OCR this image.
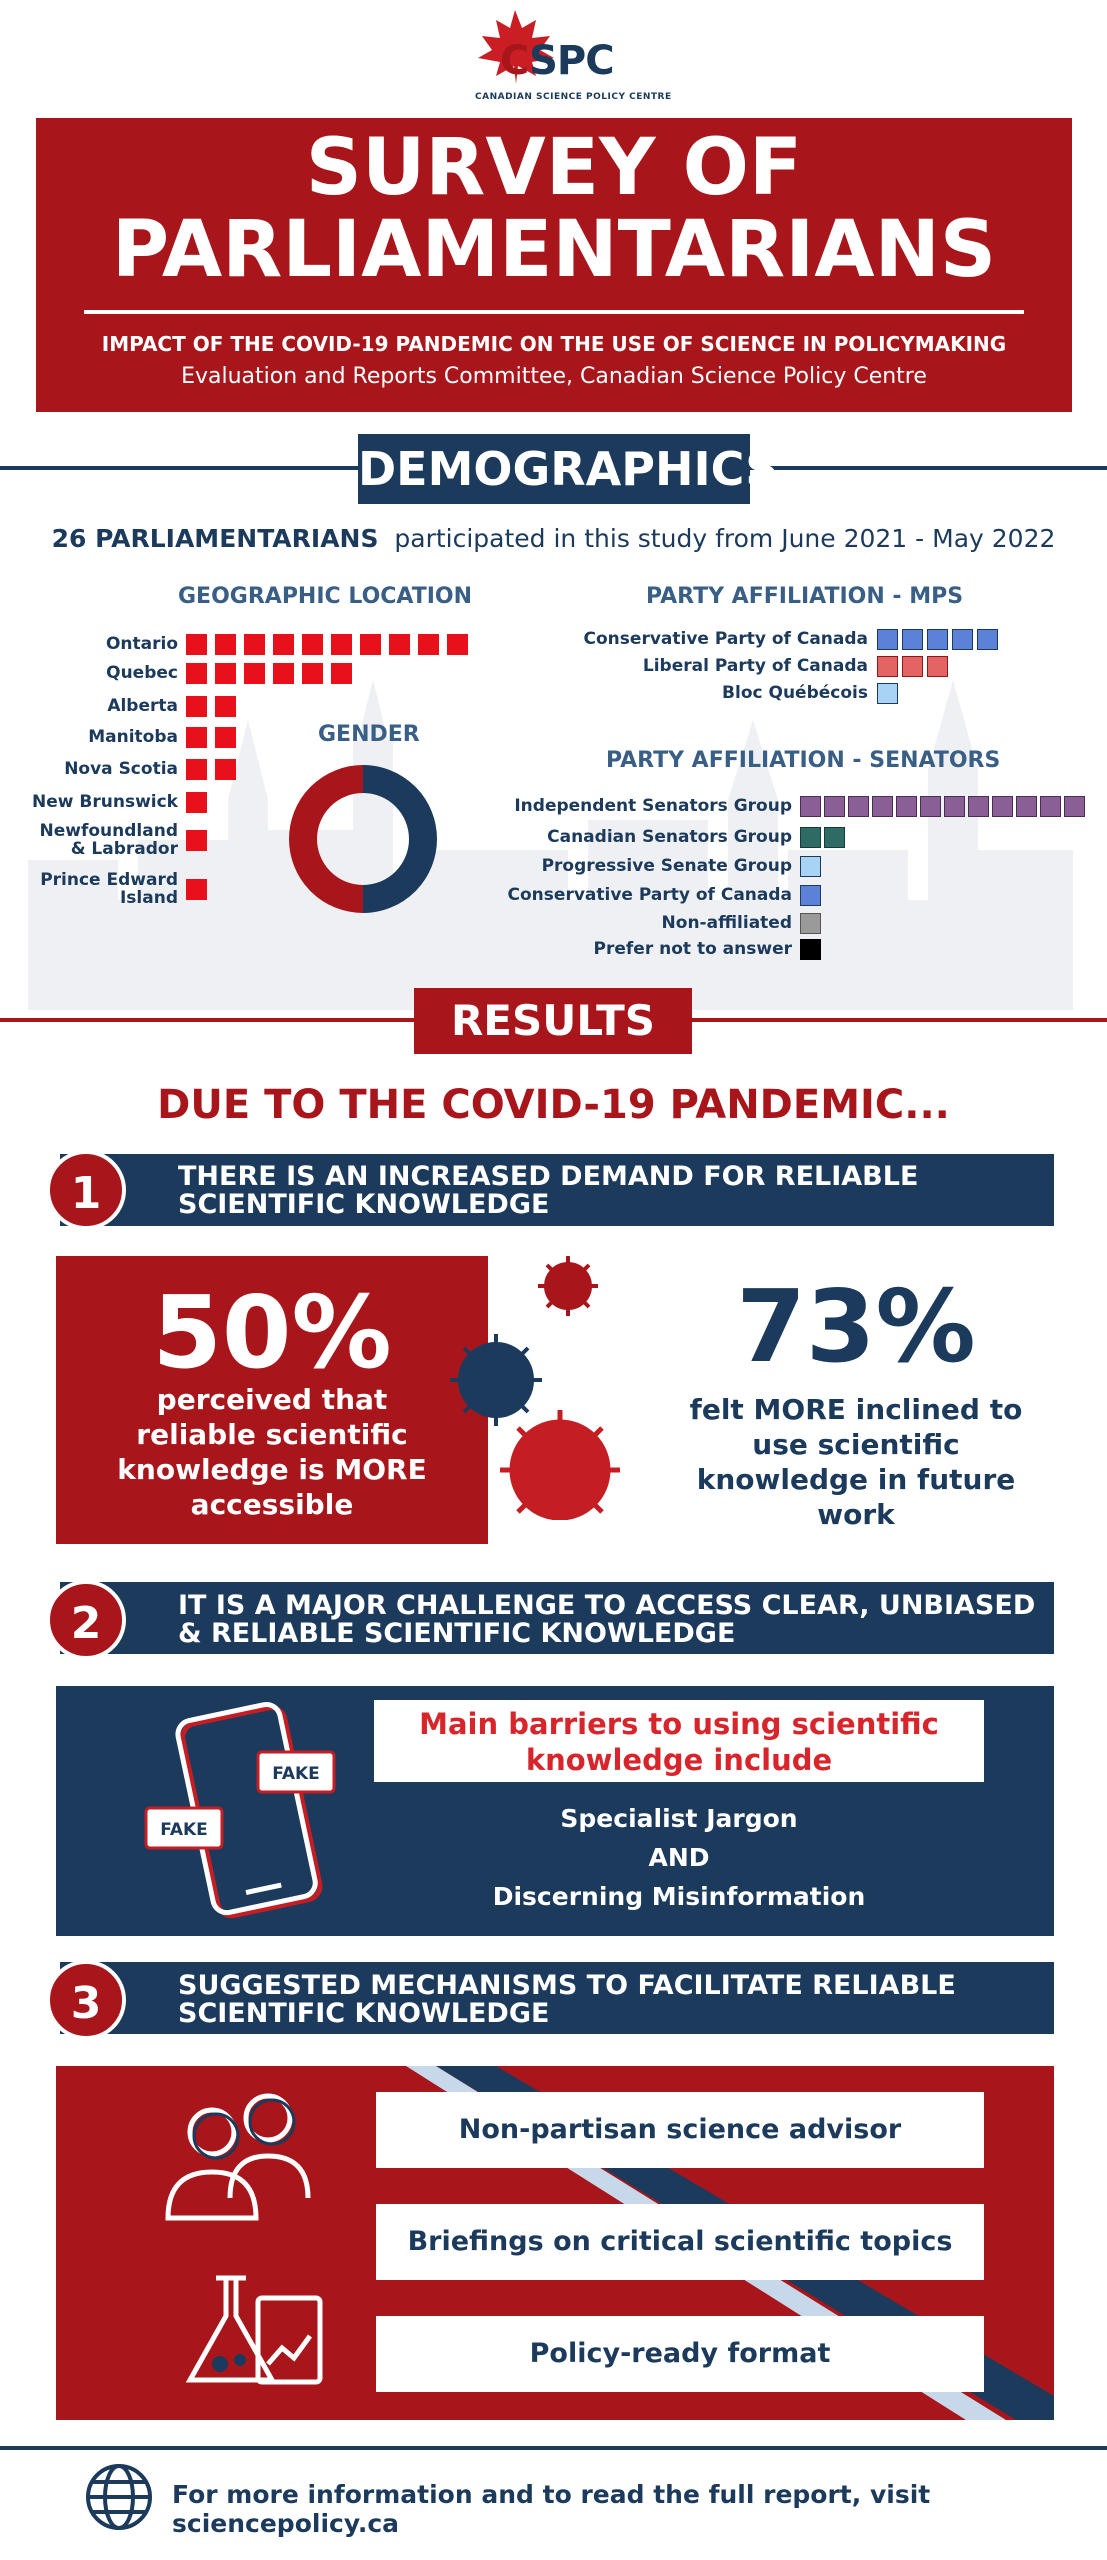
CSPC
CANADIAN SCIENCE POLICY CENTRE
SURVEY OF
PARLIAMENTARIANS
IMPACT OF THE COVID-19 PANDEMIC ON THE USE OF SCIENCE IN POLICYMAKING
Evaluation and Reports Committee, Canadian Science Policy Centre
DEMOGRAPHICS
26 PARLIAMENTARIANS participated in this study from June 2021 - May 2022
GEOGRAPHIC LOCATION	PARTY AFFILIATION - MPS
PARTY AFFILIATION - SENATORS
GENDER
Ontario
Quebec
Alberta
Manitoba
Nova Scotia
New Brunswick
Newfoundland & Labrador
Prince Edward Island
Conservative Party of Canada
Liberal Party of Canada
Bloc Québécois
Independent Senators Group
Canadian Senators Group
Progressive Senate Group
Conservative Party of Canada
Non-affiliated
Prefer not to answer
RESULTS
DUE TO THE COVID-19 PANDEMIC...
1	THERE IS AN INCREASED DEMAND FOR RELIABLE
SCIENTIFIC KNOWLEDGE
50%
perceived that
reliable scientific
knowledge is MORE
accessible
73%
felt MORE inclined to
use scientific
knowledge in future
work
2	IT IS A MAJOR CHALLENGE TO ACCESS CLEAR, UNBIASED
& RELIABLE SCIENTIFIC KNOWLEDGE
FAKE
FAKE
Main barriers to using scientific
knowledge include
Specialist Jargon
AND
Discerning Misinformation
3	SUGGESTED MECHANISMS TO FACILITATE RELIABLE
SCIENTIFIC KNOWLEDGE
Non-partisan science advisor
Briefings on critical scientific topics
Policy-ready format
For more information and to read the full report, visit sciencepolicy.ca
